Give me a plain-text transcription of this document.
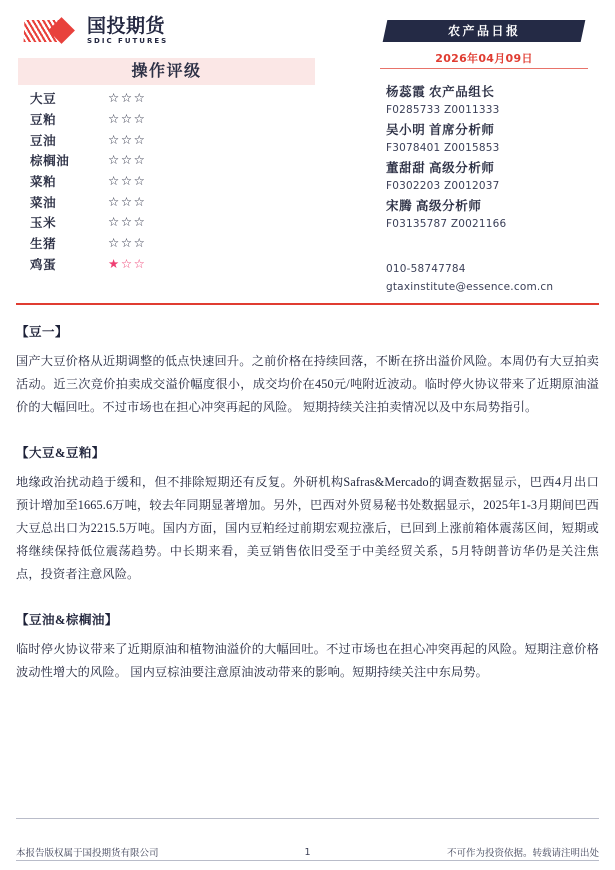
国投期货
SDIC FUTURES
操作评级
大豆	☆☆☆
豆粕	☆☆☆
豆油	☆☆☆
棕榈油	☆☆☆
菜粕	☆☆☆
菜油	☆☆☆
玉米	☆☆☆
生猪	☆☆☆
鸡蛋	★☆☆
农产品日报
2026年04月09日
杨蕊霞 农产品组长
F0285733 Z0011333
吴小明 首席分析师
F3078401 Z0015853
董甜甜 高级分析师
F0302203 Z0012037
宋腾 高级分析师
F03135787 Z0021166
010-58747784
gtaxinstitute@essence.com.cn
【豆一】
国产大豆价格从近期调整的低点快速回升。之前价格在持续回落，不断在挤出溢价风险。本周仍有大豆拍卖活动。近三次竞价拍卖成交溢价幅度很小，成交均价在450元/吨附近波动。临时停火协议带来了近期原油溢价的大幅回吐。不过市场也在担心冲突再起的风险。 短期持续关注拍卖情况以及中东局势指引。
【大豆&豆粕】
地缘政治扰动趋于缓和，但不排除短期还有反复。外研机构Safras&Mercado的调查数据显示，巴西4月出口预计增加至1665.6万吨，较去年同期显著增加。另外，巴西对外贸易秘书处数据显示，2025年1-3月期间巴西大豆总出口为2215.5万吨。国内方面，国内豆粕经过前期宏观拉涨后，已回到上涨前箱体震荡区间，短期或将继续保持低位震荡趋势。中长期来看，美豆销售依旧受至于中美经贸关系，5月特朗普访华仍是关注焦点，投资者注意风险。
【豆油&棕榈油】
临时停火协议带来了近期原油和植物油溢价的大幅回吐。不过市场也在担心冲突再起的风险。短期注意价格波动性增大的风险。 国内豆棕油要注意原油波动带来的影响。短期持续关注中东局势。
本报告版权属于国投期货有限公司	1	不可作为投资依据。转载请注明出处
